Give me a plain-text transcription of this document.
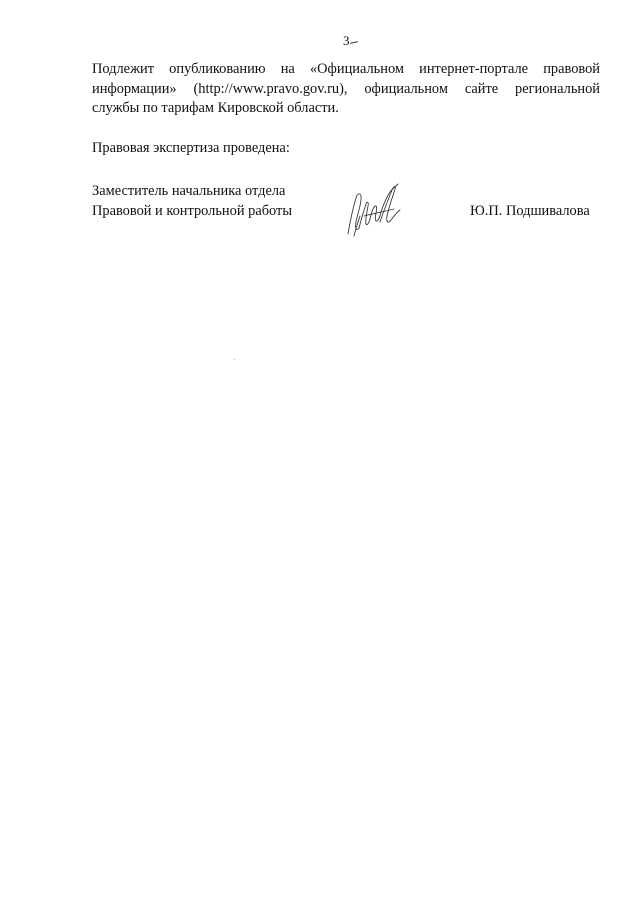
3
Подлежит опубликованию на «Официальном интернет-портале правовой
информации» (http://www.pravo.gov.ru), официальном сайте региональной
службы по тарифам Кировской области.
Правовая экспертиза проведена:
Заместитель начальника отдела
Правовой и контрольной работы	Ю.П. Подшивалова
